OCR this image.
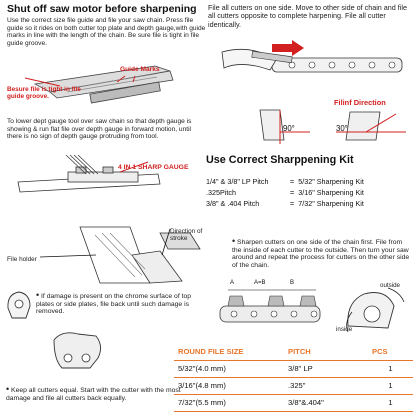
Shut off saw motor before sharpening
Use the correct size file guide and file your saw chain. Press file guide so it rides on both cutter top plate and depth gauge,with guide marks in line with the length of the chain. Be sure file is tight in file guide groove.
Guide Marks
Besure file is tight in file guide groove.
To lower dept gauge tool over saw chain so that depth gauge is showing & run flat file over depth gauge in forward motion, until there is no sign of depth gauge protruding from tool.
4 IN 1 SHARP GAUGE
File holder
Direction of stroke
• If damage is present on the chrome surface of top plates or side plates, file back until such damage is removed.
• Keep all cutters equal. Start with the cutter with the most damage and file all cutters back equally.
File all cutters on one side. Move to other side of chain and file all cutters opposite to complete harpening. File all cutter identically.
Filinf Direction
90°	30°
Use Correct Sharppening Kit
1/4" & 3/8" LP Pitch	=	5/32" Sharpening Kit
.325Pitch	=	3/16" Sharpening Kit
3/8" & .404 Pitch	=	7/32" Sharpening Kit
• Sharpen cutters on one side of the chain first. File from the inside of each cutter to the outside. Then turn your saw around and repeat the process for cutters on the other side of the chain.
A	A=B	B	outside
inside
ROUND FILE SIZE	PITCH	PCS
5/32"(4.0 mm)	3/8" LP	1
3/16"(4.8 mm)	.325"	1
7/32"(5.5 mm)	3/8"&.404"	1
